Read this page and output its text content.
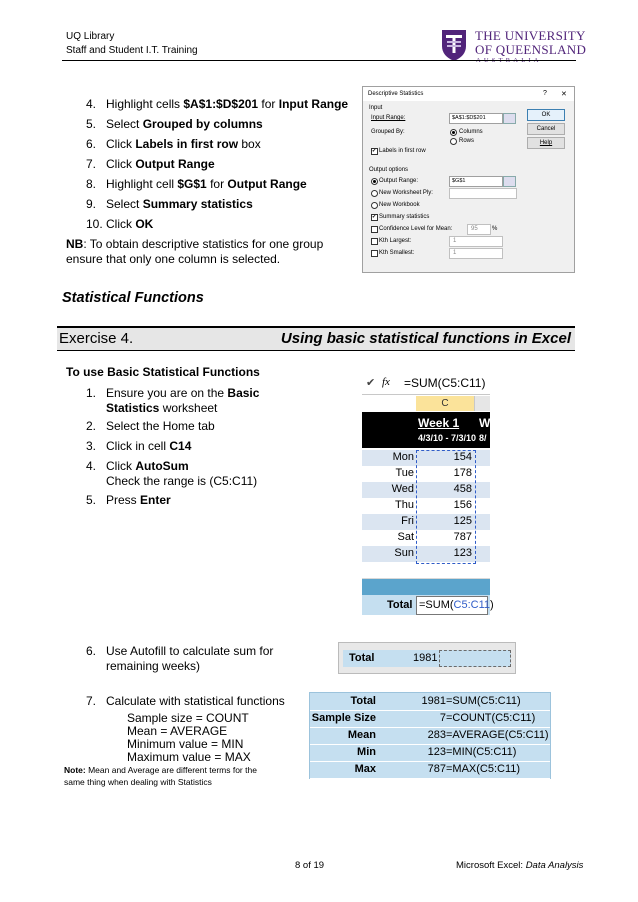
UQ Library
Staff and Student I.T. Training
THE UNIVERSITY
OF QUEENSLAND
4. Highlight cells $A$1:$D$201 for Input Range
5. Select Grouped by columns
6. Click Labels in first row box
7. Click Output Range
8. Highlight cell $G$1 for Output Range
9. Select Summary statistics
10. Click OK
NB: To obtain descriptive statistics for one group
ensure that only one column is selected.
Descriptive Statistics	? ✕
Input
Input Range:	$A$1:$D$201
Grouped By:	Columns
Rows
✔ Labels in first row
Output options
Output Range:	$G$1
New Worksheet Ply:
New Workbook
✔ Summary statistics
Confidence Level for Mean:	95 %
Kth Largest:	1
Kth Smallest:	1
OK
Cancel
Help
Statistical Functions
Exercise 4.	Using basic statistical functions in Excel
To use Basic Statistical Functions
1. Ensure you are on the Basic
Statistics worksheet
2. Select the Home tab
3. Click in cell C14
4. Click AutoSum
Check the range is (C5:C11)
5. Press Enter
✔ fx =SUM(C5:C11)
C
Week 1 W
4/3/10 - 7/3/10 8/
Mon	154
Tue	178
Wed	458
Thu	156
Fri	125
Sat	787
Sun	123
Total =SUM(C5:C11)
6. Use Autofill to calculate sum for
remaining weeks)
Total	1981
7. Calculate with statistical functions
Sample size = COUNT
Mean = AVERAGE
Minimum value = MIN
Maximum value = MAX
Note: Mean and Average are different terms for the
same thing when dealing with Statistics
Total	1981 =SUM(C5:C11)
Sample Size	7 =COUNT(C5:C11)
Mean	283 =AVERAGE(C5:C11)
Min	123 =MIN(C5:C11)
Max	787 =MAX(C5:C11)
8 of 19	Microsoft Excel: Data Analysis
